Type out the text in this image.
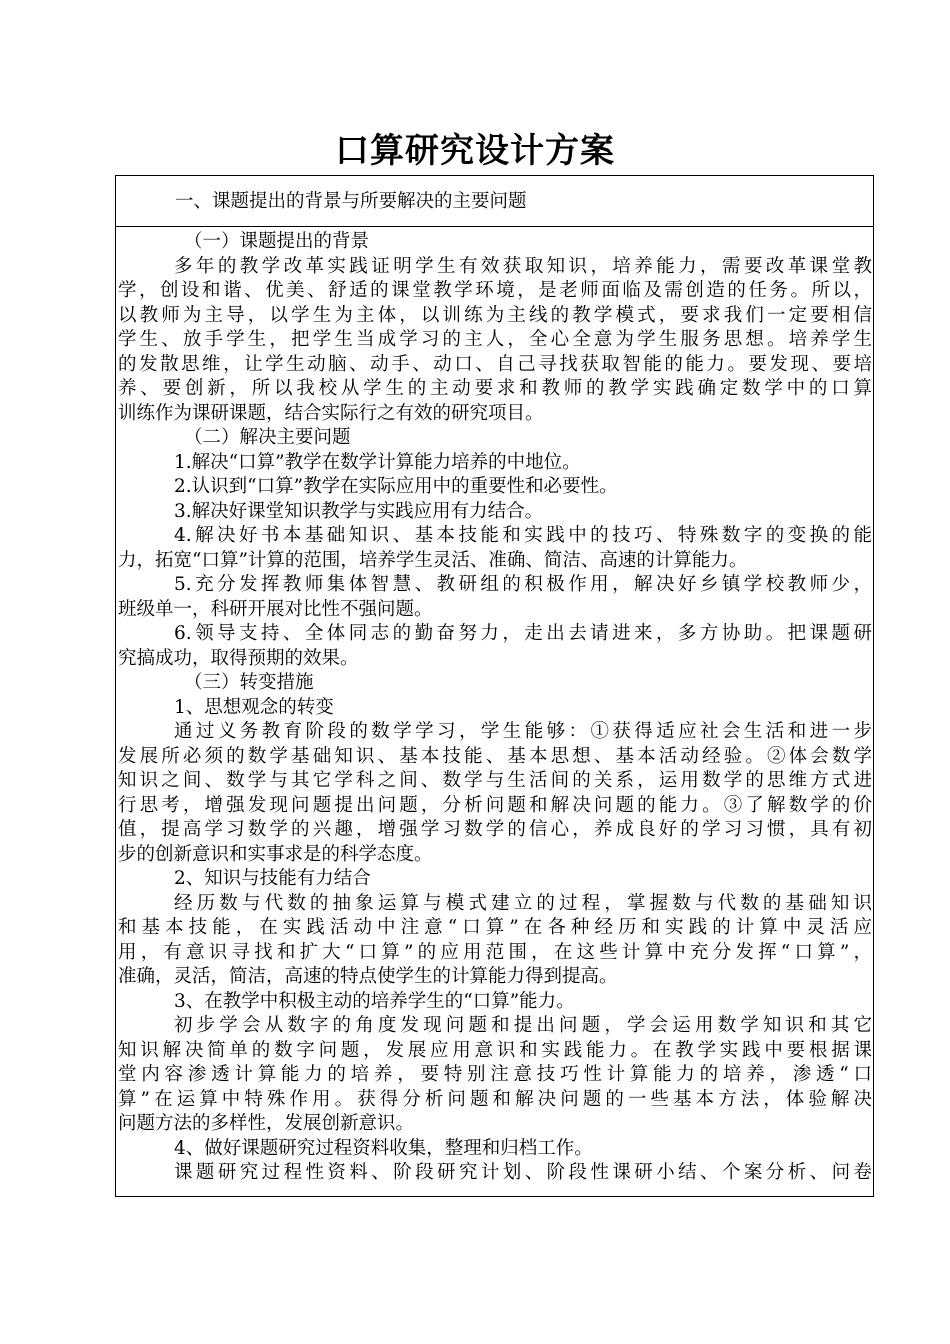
口算研究设计方案
一、课题提出的背景与所要解决的主要问题
（一）课题提出的背景
多年的教学改革实践证明学生有效获取知识，培养能力，需要改革课堂教
学，创设和谐、优美、舒适的课堂教学环境，是老师面临及需创造的任务。所以，
以教师为主导，以学生为主体，以训练为主线的教学模式，要求我们一定要相信
学生、放手学生，把学生当成学习的主人，全心全意为学生服务思想。培养学生
的发散思维，让学生动脑、动手、动口、自己寻找获取智能的能力。要发现、要培
养、要创新，所以我校从学生的主动要求和教师的教学实践确定数学中的口算
训练作为课研课题，结合实际行之有效的研究项目。
（二）解决主要问题
1.解决“口算”教学在数学计算能力培养的中地位。
2.认识到“口算”教学在实际应用中的重要性和必要性。
3.解决好课堂知识教学与实践应用有力结合。
4.解决好书本基础知识、基本技能和实践中的技巧、特殊数字的变换的能
力，拓宽“口算”计算的范围，培养学生灵活、准确、简洁、高速的计算能力。
5.充分发挥教师集体智慧、教研组的积极作用，解决好乡镇学校教师少，
班级单一，科研开展对比性不强问题。
6.领导支持、全体同志的勤奋努力，走出去请进来，多方协助。把课题研
究搞成功，取得预期的效果。
（三）转变措施
1、思想观念的转变
通过义务教育阶段的数学学习，学生能够：①获得适应社会生活和进一步
发展所必须的数学基础知识、基本技能、基本思想、基本活动经验。②体会数学
知识之间、数学与其它学科之间、数学与生活间的关系，运用数学的思维方式进
行思考，增强发现问题提出问题，分析问题和解决问题的能力。③了解数学的价
值，提高学习数学的兴趣，增强学习数学的信心，养成良好的学习习惯，具有初
步的创新意识和实事求是的科学态度。
2、知识与技能有力结合
经历数与代数的抽象运算与模式建立的过程，掌握数与代数的基础知识
和基本技能，在实践活动中注意“口算”在各种经历和实践的计算中灵活应
用，有意识寻找和扩大“口算”的应用范围，在这些计算中充分发挥“口算”，
准确，灵活，简洁，高速的特点使学生的计算能力得到提高。
3、在教学中积极主动的培养学生的“口算”能力。
初步学会从数字的角度发现问题和提出问题，学会运用数学知识和其它
知识解决简单的数字问题，发展应用意识和实践能力。在教学实践中要根据课
堂内容渗透计算能力的培养，要特别注意技巧性计算能力的培养，渗透“口
算”在运算中特殊作用。获得分析问题和解决问题的一些基本方法，体验解决
问题方法的多样性，发展创新意识。
4、做好课题研究过程资料收集，整理和归档工作。
课题研究过程性资料、阶段研究计划、阶段性课研小结、个案分析、问卷
